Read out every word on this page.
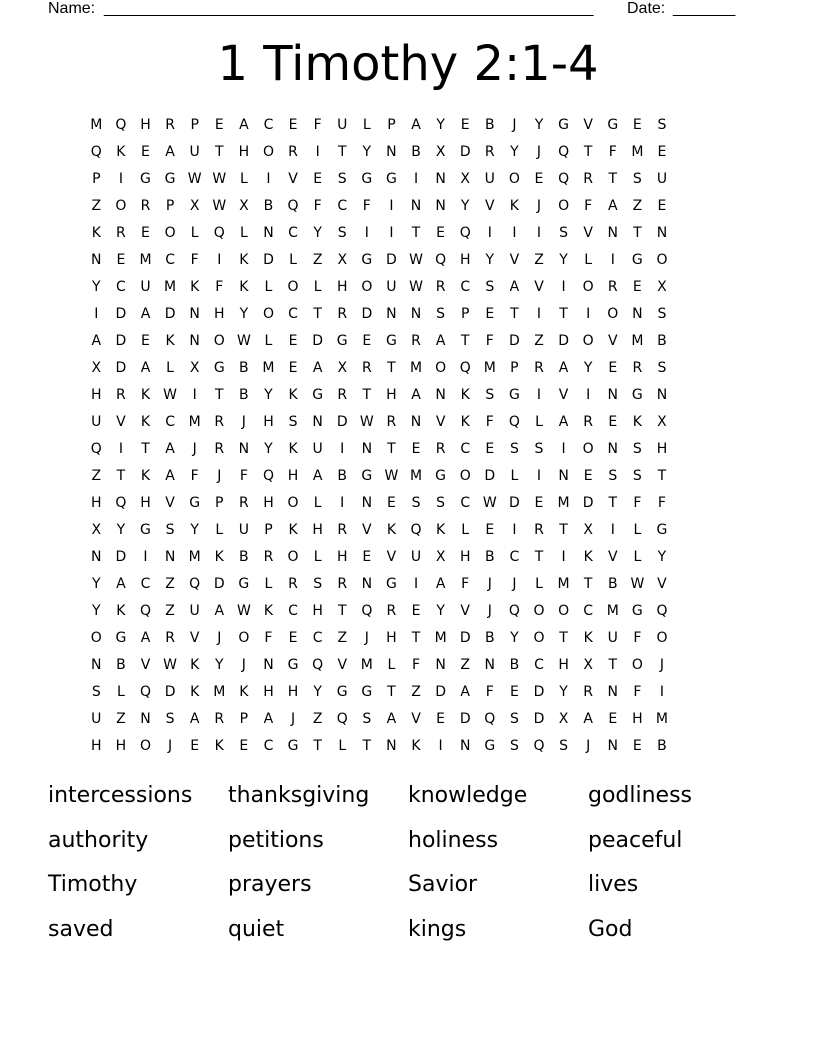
Name:

_______________________________________________________

Date:

_______

1 Timothy 2:1-4
M Q H	R	P	E	A	C	E	F	U	L	P	A	Y	E	B	J	Y	G	V	G	E	S
Q	K	E	A	U	T	H O	R	I	T	Y	N	B	X	D	R	Y	J	Q	T	F	M	E
P	I	G G W W L	I	V	E	S	G G	I	N	X	U O	E	Q	R	T	S	U
Z	O	R	P	X W X	B	Q	F	C	F	I	N	N	Y	V	K	J	O	F	A	Z	E
K	R	E	O	L	Q	L	N	C	Y	S	I	I	T	E	Q	I	I	I	S	V	N	T	N
N	E	M C	F	I	K	D	L	Z	X	G D W Q H	Y	V	Z	Y	L	I	G O
Y	C	U M K	F	K	L	O	L	H O U W R	C	S	A	V	I	O	R	E	X
I	D	A	D N	H	Y	O	C	T	R	D N	N	S	P	E	T	I	T	I	O N	S
A	D	E	K	N O W L	E	D G	E	G	R	A	T	F	D	Z	D O	V M B
X	D	A	L	X	G	B M	E	A	X	R	T	M O Q M	P	R	A	Y	E	R	S
H	R	K W	I	T	B	Y	K	G	R	T	H	A	N	K	S	G	I	V	I	N G N
U	V	K	C M R	J	H	S	N D W R	N	V	K	F	Q	L	A	R	E	K	X
Q	I	T	A	J	R	N	Y	K	U	I	N	T	E	R	C	E	S	S	I	O N	S	H
Z	T	K	A	F	J	F	Q H	A	B	G W M G O D	L	I	N	E	S	S	T
H Q H	V	G	P	R	H O	L	I	N	E	S	S	C W D	E	M D	T	F	F
X	Y	G	S	Y	L	U	P	K	H	R	V	K	Q	K	L	E	I	R	T	X	I	L	G
N D	I	N M K	B	R	O	L	H	E	V	U	X	H	B	C	T	I	K	V	L	Y
Y	A	C	Z	Q D G	L	R	S	R	N G	I	A	F	J	J	L	M	T	B W V
Y	K	Q	Z	U	A W K	C	H	T	Q	R	E	Y	V	J	Q O O	C M G Q
O G	A	R	V	J	O	F	E	C	Z	J	H	T	M D	B	Y	O	T	K	U	F	O
N	B	V W K	Y	J	N G Q	V M	L	F	N	Z	N	B	C	H	X	T	O	J
S	L	Q D	K M K	H	H	Y	G G	T	Z	D	A	F	E	D	Y	R	N	F	I
U	Z	N	S	A	R	P	A	J	Z	Q	S	A	V	E	D Q	S	D	X	A	E	H M
H	H O	J	E	K	E	C	G	T	L	T	N	K	I	N G	S	Q	S	J	N	E	B
intercessions	thanksgiving	knowledge	godliness
authority	petitions	holiness	peaceful
Timothy	prayers	Savior	lives
saved	quiet	kings	God
